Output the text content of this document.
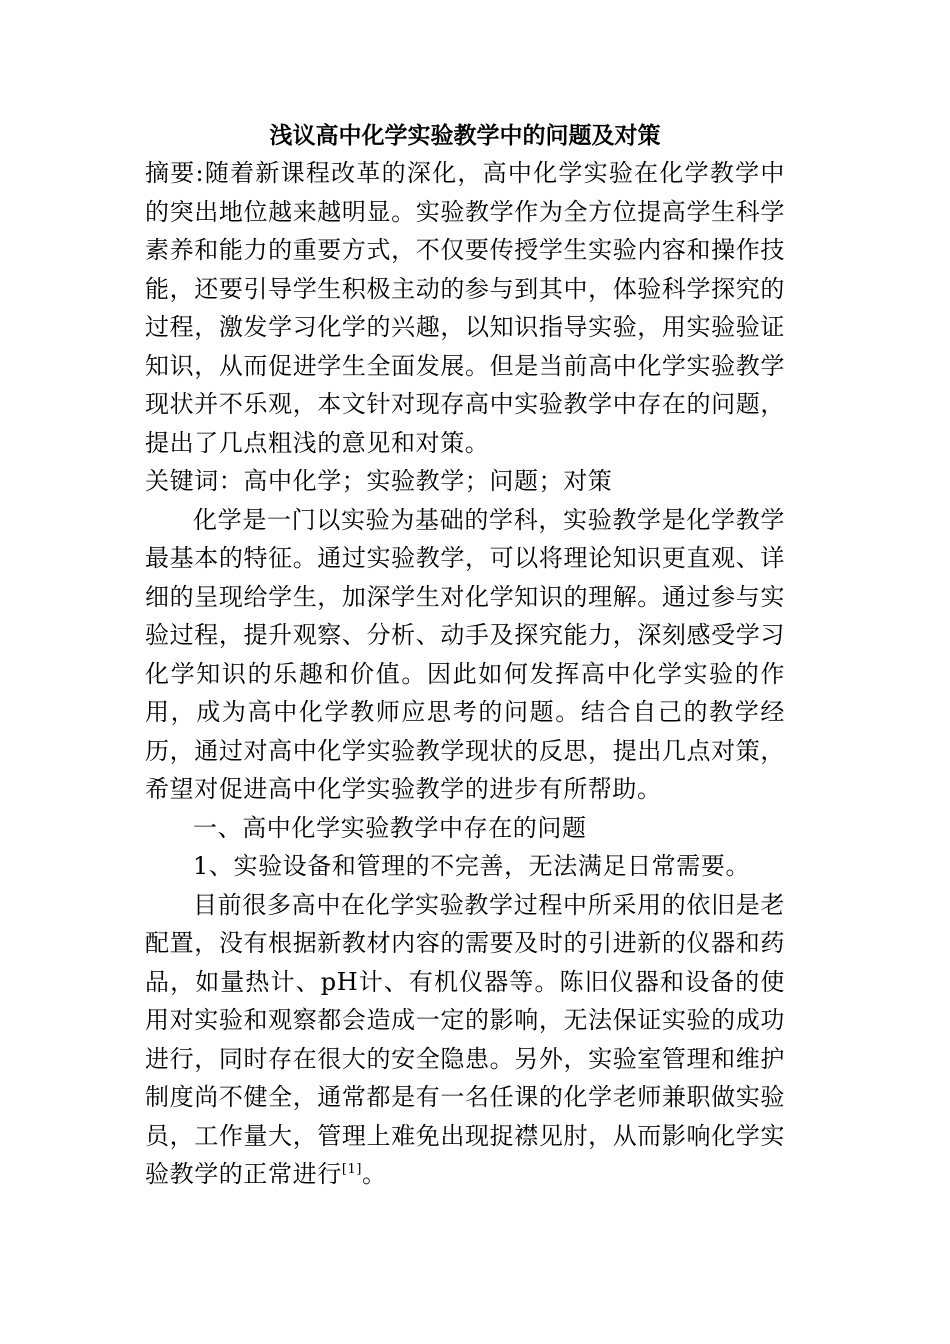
浅议高中化学实验教学中的问题及对策

摘要:随着新课程改革的深化，高中化学实验在化学教学中的突出地位越来越明显。实验教学作为全方位提高学生科学素养和能力的重要方式，不仅要传授学生实验内容和操作技能，还要引导学生积极主动的参与到其中，体验科学探究的过程，激发学习化学的兴趣，以知识指导实验，用实验验证知识，从而促进学生全面发展。但是当前高中化学实验教学现状并不乐观，本文针对现存高中实验教学中存在的问题，提出了几点粗浅的意见和对策。

关键词：高中化学；实验教学；问题；对策

化学是一门以实验为基础的学科，实验教学是化学教学最基本的特征。通过实验教学，可以将理论知识更直观、详细的呈现给学生，加深学生对化学知识的理解。通过参与实验过程，提升观察、分析、动手及探究能力，深刻感受学习化学知识的乐趣和价值。因此如何发挥高中化学实验的作用，成为高中化学教师应思考的问题。结合自己的教学经历，通过对高中化学实验教学现状的反思，提出几点对策，希望对促进高中化学实验教学的进步有所帮助。

一、高中化学实验教学中存在的问题

1、实验设备和管理的不完善，无法满足日常需要。

目前很多高中在化学实验教学过程中所采用的依旧是老配置，没有根据新教材内容的需要及时的引进新的仪器和药品，如量热计、pH计、有机仪器等。陈旧仪器和设备的使用对实验和观察都会造成一定的影响，无法保证实验的成功进行，同时存在很大的安全隐患。另外，实验室管理和维护制度尚不健全，通常都是有一名任课的化学老师兼职做实验员，工作量大，管理上难免出现捉襟见肘，从而影响化学实验教学的正常进行[1]。
